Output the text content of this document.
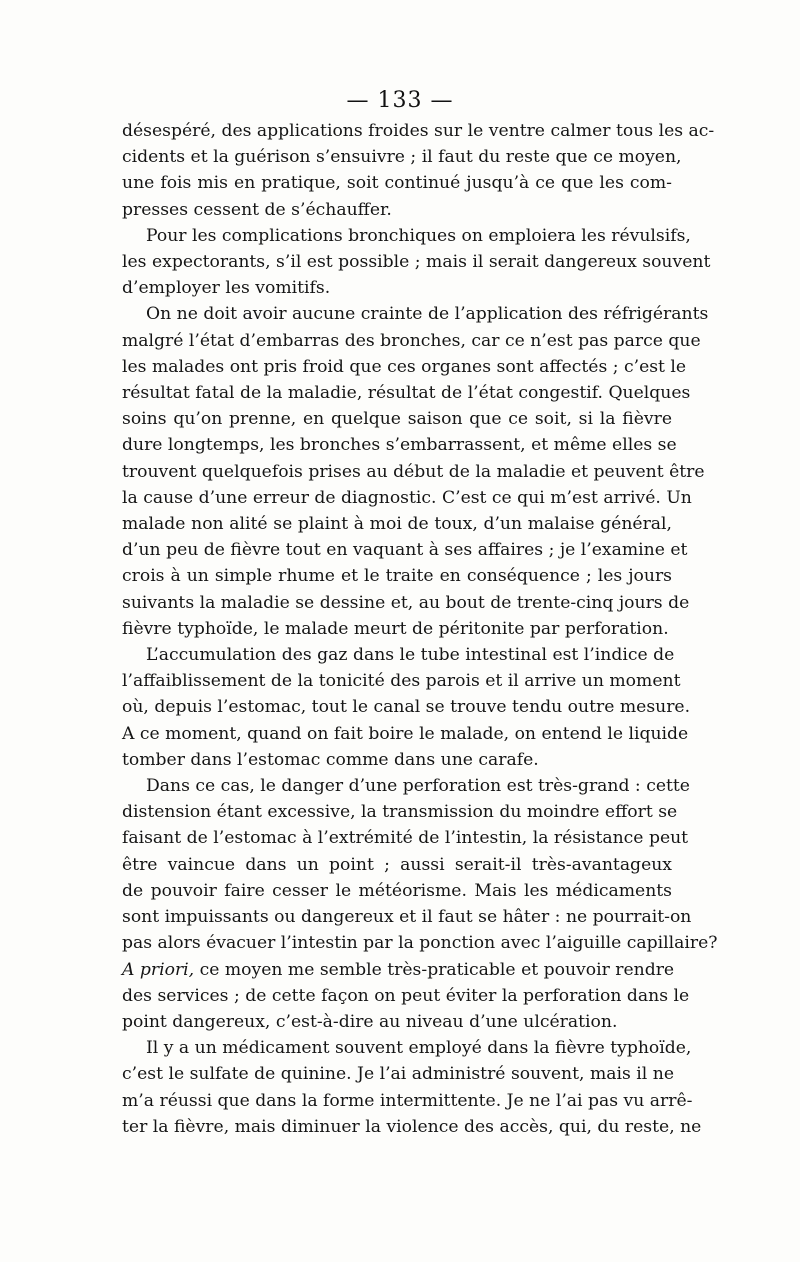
— 133 —

désespéré, des applications froides sur le ventre calmer tous les ac-
cidents et la guérison s’ensuivre ; il faut du reste que ce moyen,
une fois mis en pratique, soit continué jusqu’à ce que les com-
presses cessent de s’échauffer.

Pour les complications bronchiques on emploiera les révulsifs,
les expectorants, s’il est possible ; mais il serait dangereux souvent
d’employer les vomitifs.

On ne doit avoir aucune crainte de l’application des réfrigérants
malgré l’état d’embarras des bronches, car ce n’est pas parce que
les malades ont pris froid que ces organes sont affectés ; c’est le
résultat fatal de la maladie, résultat de l’état congestif. Quelques
soins qu’on prenne, en quelque saison que ce soit, si la fièvre
dure longtemps, les bronches s’embarrassent, et même elles se
trouvent quelquefois prises au début de la maladie et peuvent être
la cause d’une erreur de diagnostic. C’est ce qui m’est arrivé. Un
malade non alité se plaint à moi de toux, d’un malaise général,
d’un peu de fièvre tout en vaquant à ses affaires ; je l’examine et
crois à un simple rhume et le traite en conséquence ; les jours
suivants la maladie se dessine et, au bout de trente-cinq jours de
fièvre typhoïde, le malade meurt de péritonite par perforation.

L’accumulation des gaz dans le tube intestinal est l’indice de
l’affaiblissement de la tonicité des parois et il arrive un moment
où, depuis l’estomac, tout le canal se trouve tendu outre mesure.
A ce moment, quand on fait boire le malade, on entend le liquide
tomber dans l’estomac comme dans une carafe.

Dans ce cas, le danger d’une perforation est très-grand : cette
distension étant excessive, la transmission du moindre effort se
faisant de l’estomac à l’extrémité de l’intestin, la résistance peut
être vaincue dans un point ; aussi serait-il très-avantageux
de pouvoir faire cesser le météorisme. Mais les médicaments
sont impuissants ou dangereux et il faut se hâter : ne pourrait-on
pas alors évacuer l’intestin par la ponction avec l’aiguille capillaire?
A priori, ce moyen me semble très-praticable et pouvoir rendre
des services ; de cette façon on peut éviter la perforation dans le
point dangereux, c’est-à-dire au niveau d’une ulcération.

Il y a un médicament souvent employé dans la fièvre typhoïde,
c’est le sulfate de quinine. Je l’ai administré souvent, mais il ne
m’a réussi que dans la forme intermittente. Je ne l’ai pas vu arrê-
ter la fièvre, mais diminuer la violence des accès, qui, du reste, ne
